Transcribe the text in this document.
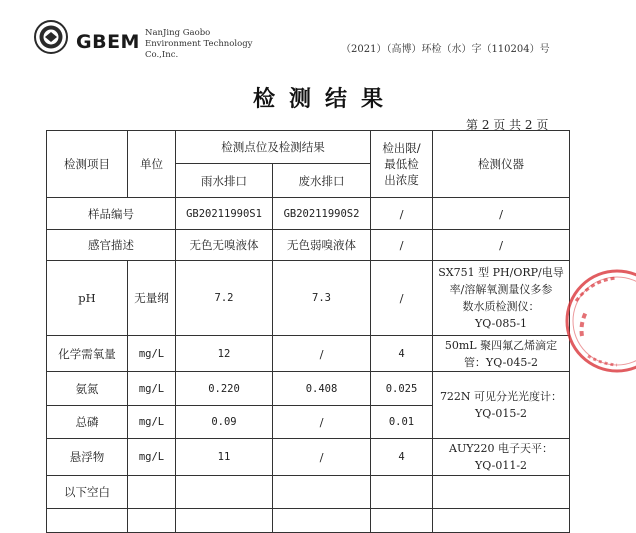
GBEM NanJing Gaobo
Environment Technology
Co.,Inc.	（2021）（高博）环检（水）字（110204）号
检测结果
第 2 页 共 2 页
检测项目	单位	检测点位及检测结果		检出限/
最低检
出浓度	检测仪器
		雨水排口	废水排口		
样品编号		GB20211990S1	GB20211990S2	/	/
感官描述		无色无嗅液体	无色弱嗅液体	/	/
pH	无量纲	7.2	7.3	/	SX751 型 PH/ORP/电导
率/溶解氧测量仪多参
数水质检测仪：
YQ-085-1

化学需氧量	mg/L	12	/	4	50mL 聚四氟乙烯滴定
管：YQ-045-2

氨氮	mg/L	0.220	0.408	0.025	722N 可见分光光度计：
YQ-015-2

总磷	mg/L	0.09	/	0.01	
悬浮物	mg/L	11	/	4	AUY220 电子天平：
YQ-011-2

以下空白					
